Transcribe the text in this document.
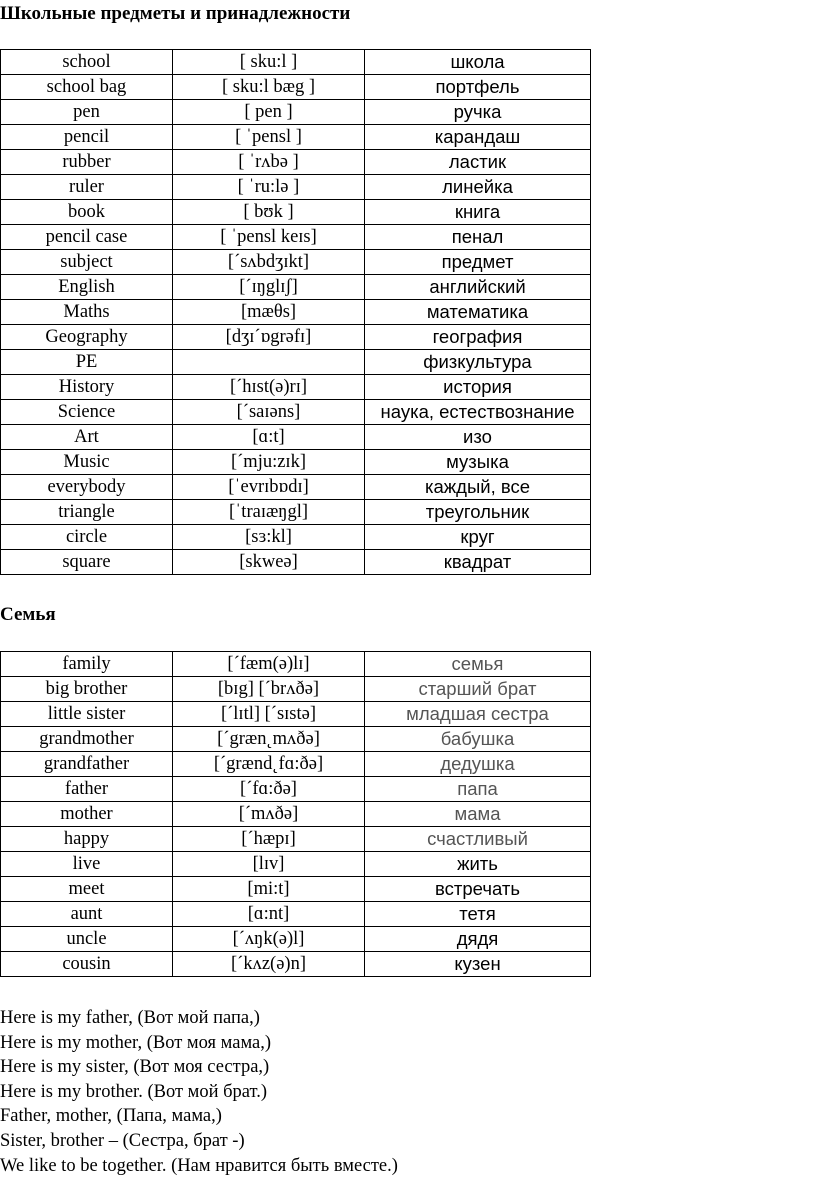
Школьные предметы и принадлежности
school	[ sku:l ]	школа
school bag	[ sku:l bæg ]	портфель
pen	[ pen ]	ручка
pencil	[ ˈpensl ]	карандаш
rubber	[ ˈrʌbə ]	ластик
ruler	[ ˈru:lə ]	линейка
book	[ bʊk ]	книга
pencil case	[ ˈpensl keɪs]	пенал
subject	[´sʌbdʒɪkt]	предмет
English	[´ɪŋglɪʃ]	английский
Maths	[mæθs]	математика
Geography	[dʒɪ´ɒgrəfɪ]	география
PE		физкультура
History	[´hɪst(ə)rɪ]	история
Science	[´saɪəns]	наука, естествознание
Art	[ɑ:t]	изо
Music	[´mju:zɪk]	музыка
everybody	[ˈevrɪbɒdɪ]	каждый, все
triangle	[ˈtraɪæŋgl]	треугольник
circle	[sɜ:kl]	круг
square	[skweə]	квадрат
Семья
family	[´fæm(ə)lɪ]	семья
big brother	[bɪg] [´brʌðə]	старший брат
little sister	[´lɪtl] [´sɪstə]	младшая сестра
grandmother	[´græn˛mʌðə]	бабушка
grandfather	[´grænd˛fɑ:ðə]	дедушка
father	[´fɑ:ðə]	папа
mother	[´mʌðə]	мама
happy	[´hæpɪ]	счастливый
live	[lɪv]	жить
meet	[mi:t]	встречать
aunt	[ɑ:nt]	тетя
uncle	[´ʌŋk(ə)l]	дядя
cousin	[´kʌz(ə)n]	кузен
Here is my father, (Вот мой папа,)
Here is my mother, (Вот моя мама,)
Here is my sister, (Вот моя сестра,)
Here is my brother. (Вот мой брат.)
Father, mother, (Папа, мама,)
Sister, brother – (Сестра, брат -)
We like to be together. (Нам нравится быть вместе.)
